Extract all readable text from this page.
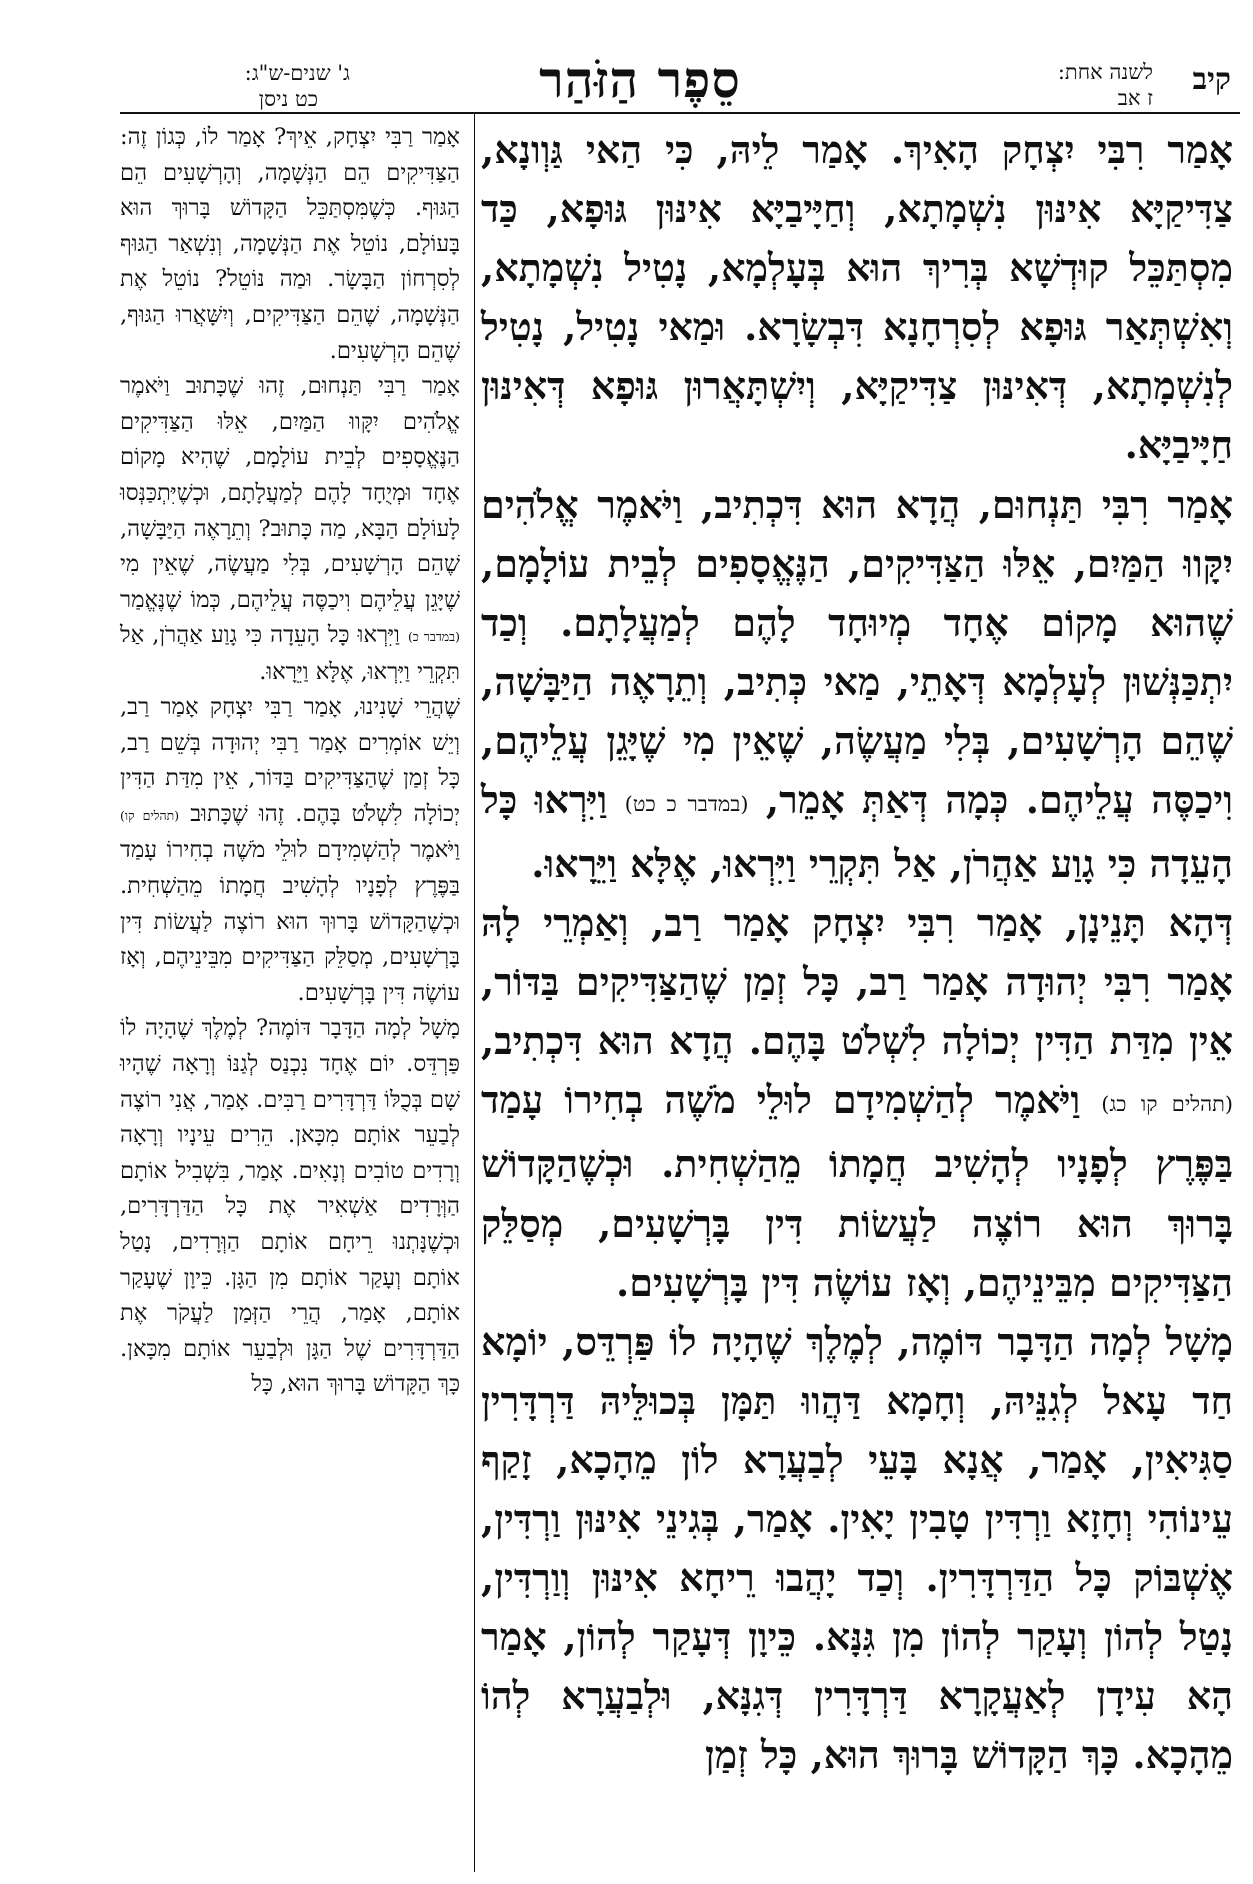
קיב
לשנה אחת:
ז אב
סֵפֶר הַזֹּהַר
ג' שנים-ש"ג:
כט ניסן

אָמַר רִבִּי יִצְחָק הָאִיךְ. אָמַר לֵיהּ, כִּי הַאי גַּוְונָא, צַדִּיקַיָּא אִינּוּן נִשְׁמָתָא, וְחַיָּיבַיָּא אִינּוּן גּוּפָא, כַּד מִסְתַּכֵּל קוּדְשָׁא בְּרִיךְ הוּא בְּעָלְמָא, נָטִיל נִשְׁמָתָא, וְאִשְׁתְּאַר גּוּפָא לְסִרְחָנָא דִּבְשָׂרָא. וּמַאי נָטִיל, נָטִיל לְנִשְׁמָתָא, דְּאִינּוּן צַדִּיקַיָּא, וְיִשְׁתָּאֲרוּן גּוּפָא דְּאִינּוּן חַיָּיבַיָּא.

אָמַר רִבִּי תַּנְחוּם, הֲדָא הוּא דִּכְתִיב, וַיֹּאמֶר אֱלֹהִים יִקָּווּ הַמַּיִם, אֵלּוּ הַצַּדִּיקִים, הַנֶּאֱסָפִים לְבֵית עוֹלָמָם, שֶׁהוּא מָקוֹם אֶחָד מְיוּחָד לָהֶם לְמַעֲלָתָם. וְכַד יִתְכַּנְּשׁוּן לְעָלְמָא דְּאָתֵי, מַאי כְּתִיב, וְתֵרָאֶה הַיַּבָּשָׁה, שֶׁהֵם הָרְשָׁעִים, בְּלִי מַעֲשֶׂה, שֶׁאֵין מִי שֶׁיָּגֵן עֲלֵיהֶם, וִיכַסֶּה עֲלֵיהֶם. כְּמָה דְּאַתְּ אָמֵר, (במדבר כ כט) וַיִּרְאוּ כָּל הָעֵדָה כִּי גָוַע אַהֲרֹן, אַל תִּקְרֵי וַיִּרְאוּ, אֶלָּא וַיֵּרָאוּ.

דְּהָא תָּנֵינָן, אָמַר רִבִּי יִצְחָק אָמַר רַב, וְאַמְרֵי לָהּ אָמַר רִבִּי יְהוּדָה אָמַר רַב, כָּל זְמַן שֶׁהַצַּדִּיקִים בַּדּוֹר, אֵין מִדַּת הַדִּין יְכוֹלָה לִשְׁלֹט בָּהֶם. הֲדָא הוּא דִּכְתִיב, (תהלים קו כג) וַיֹּאמֶר לְהַשְׁמִידָם לוּלֵי מֹשֶׁה בְחִירוֹ עָמַד בַּפֶּרֶץ לְפָנָיו לְהָשִׁיב חֲמָתוֹ מֵהַשְׁחִית. וּכְשֶׁהַקָּדוֹשׁ בָּרוּךְ הוּא רוֹצֶה לַעֲשׂוֹת דִּין בָּרְשָׁעִים, מְסַלֵּק הַצַּדִּיקִים מִבֵּינֵיהֶם, וְאָז עוֹשֶׂה דִּין בָּרְשָׁעִים.

מָשָׁל לְמָה הַדָּבָר דּוֹמֶה, לְמֶלֶךְ שֶׁהָיָה לוֹ פַּרְדֵּס, יוֹמָא חַד עָאל לְגִנֵּיהּ, וְחָמָא דַּהֲווּ תַּמָּן בְּכוּלֵּיהּ דַּרְדָּרִין סַגִּיאִין, אָמַר, אֲנָא בָּעֵי לְבַעֲרָא לוֹן מֵהָכָא, זָקַף עֵינוֹהִי וְחָזָא וַרְדִּין טָבִין יָאִין. אָמַר, בְּגִינֵי אִינּוּן וַרְדִּין, אֶשְׁבּוֹק כָּל הַדַּרְדָּרִין. וְכַד יָהֲבוּ רֵיחָא אִינּוּן וְוַרְדִּין, נָטַל לְהוֹן וְעָקַר לְהוֹן מִן גִּנָּא. כֵּיוָן דְּעָקַר לְהוֹן, אָמַר הָא עִידָן לְאַעֲקָרָא דַּרְדָּרִין דְּגִנָּא, וּלְבַעֲרָא לְהוֹ מֵהָכָא. כָּךְ הַקָּדוֹשׁ בָּרוּךְ הוּא, כָּל זְמַן

אָמַר רַבִּי יִצְחָק, אֵיךְ? אָמַר לוֹ, כְּגוֹן זֶה: הַצַּדִּיקִים הֵם הַנְּשָׁמָה, וְהָרְשָׁעִים הֵם הַגּוּף. כְּשֶׁמִּסְתַּכֵּל הַקָּדוֹשׁ בָּרוּךְ הוּא בָּעוֹלָם, נוֹטֵל אֶת הַנְּשָׁמָה, וְנִשְׁאַר הַגּוּף לְסִרְחוֹן הַבָּשָׂר. וּמַה נּוֹטֵל? נוֹטֵל אֶת הַנְּשָׁמָה, שֶׁהֵם הַצַּדִּיקִים, וְיִשָּׁאֲרוּ הַגּוּף, שֶׁהֵם הָרְשָׁעִים.

אָמַר רַבִּי תַּנְחוּם, זֶהוּ שֶׁכָּתוּב וַיֹּאמֶר אֱלֹהִים יִקָּווּ הַמַּיִם, אֵלּוּ הַצַּדִּיקִים הַנֶּאֱסָפִים לְבֵית עוֹלָמָם, שֶׁהִיא מָקוֹם אֶחָד וּמְיֻחָד לָהֶם לְמַעֲלָתָם, וּכְשֶׁיִּתְכַּנְּסוּ לָעוֹלָם הַבָּא, מַה כָּתוּב? וְתֵרָאֶה הַיַּבָּשָׁה, שֶׁהֵם הָרְשָׁעִים, בְּלִי מַעֲשֶׂה, שֶׁאֵין מִי שֶׁיָּגֵן עֲלֵיהֶם וִיכַסֶּה עֲלֵיהֶם, כְּמוֹ שֶׁנֶּאֱמַר (במדבר כ) וַיִּרְאוּ כָּל הָעֵדָה כִּי גָוַע אַהֲרֹן, אַל תִּקְרֵי וַיִּרְאוּ, אֶלָּא וַיֵּרָאוּ.

שֶׁהֲרֵי שָׁנִינוּ, אָמַר רַבִּי יִצְחָק אָמַר רַב, וְיֵשׁ אוֹמְרִים אָמַר רַבִּי יְהוּדָה בְּשֵׁם רַב, כָּל זְמַן שֶׁהַצַּדִּיקִים בַּדּוֹר, אֵין מִדַּת הַדִּין יְכוֹלָה לִשְׁלֹט בָּהֶם. זֶהוּ שֶׁכָּתוּב (תהלים קו) וַיֹּאמֶר לְהַשְׁמִידָם לוּלֵי מֹשֶׁה בְחִירוֹ עָמַד בַּפֶּרֶץ לְפָנָיו לְהָשִׁיב חֲמָתוֹ מֵהַשְׁחִית. וּכְשֶׁהַקָּדוֹשׁ בָּרוּךְ הוּא רוֹצֶה לַעֲשׂוֹת דִּין בָּרְשָׁעִים, מְסַלֵּק הַצַּדִּיקִים מִבֵּינֵיהֶם, וְאָז עוֹשֶׂה דִּין בָּרְשָׁעִים.

מָשָׁל לְמָה הַדָּבָר דּוֹמֶה? לְמֶלֶךְ שֶׁהָיָה לוֹ פַּרְדֵּס. יוֹם אֶחָד נִכְנַס לְגַנּוֹ וְרָאָה שֶׁהָיוּ שָׁם בְּכֻלּוֹ דַּרְדָּרִים רַבִּים. אָמַר, אֲנִי רוֹצֶה לְבַעֵר אוֹתָם מִכָּאן. הֵרִים עֵינָיו וְרָאָה וְרָדִים טוֹבִים וְנָאִים. אָמַר, בִּשְׁבִיל אוֹתָם הַוְּרָדִים אַשְׁאִיר אֶת כָּל הַדַּרְדָּרִים, וּכְשֶׁנָּתְנוּ רֵיחָם אוֹתָם הַוְּרָדִים, נָטַל אוֹתָם וְעָקַר אוֹתָם מִן הַגָּן. כֵּיוָן שֶׁעָקַר אוֹתָם, אָמַר, הֲרֵי הַזְּמַן לַעֲקֹר אֶת הַדַּרְדָּרִים שֶׁל הַגָּן וּלְבַעֵר אוֹתָם מִכָּאן. כָּךְ הַקָּדוֹשׁ בָּרוּךְ הוּא, כָּל
